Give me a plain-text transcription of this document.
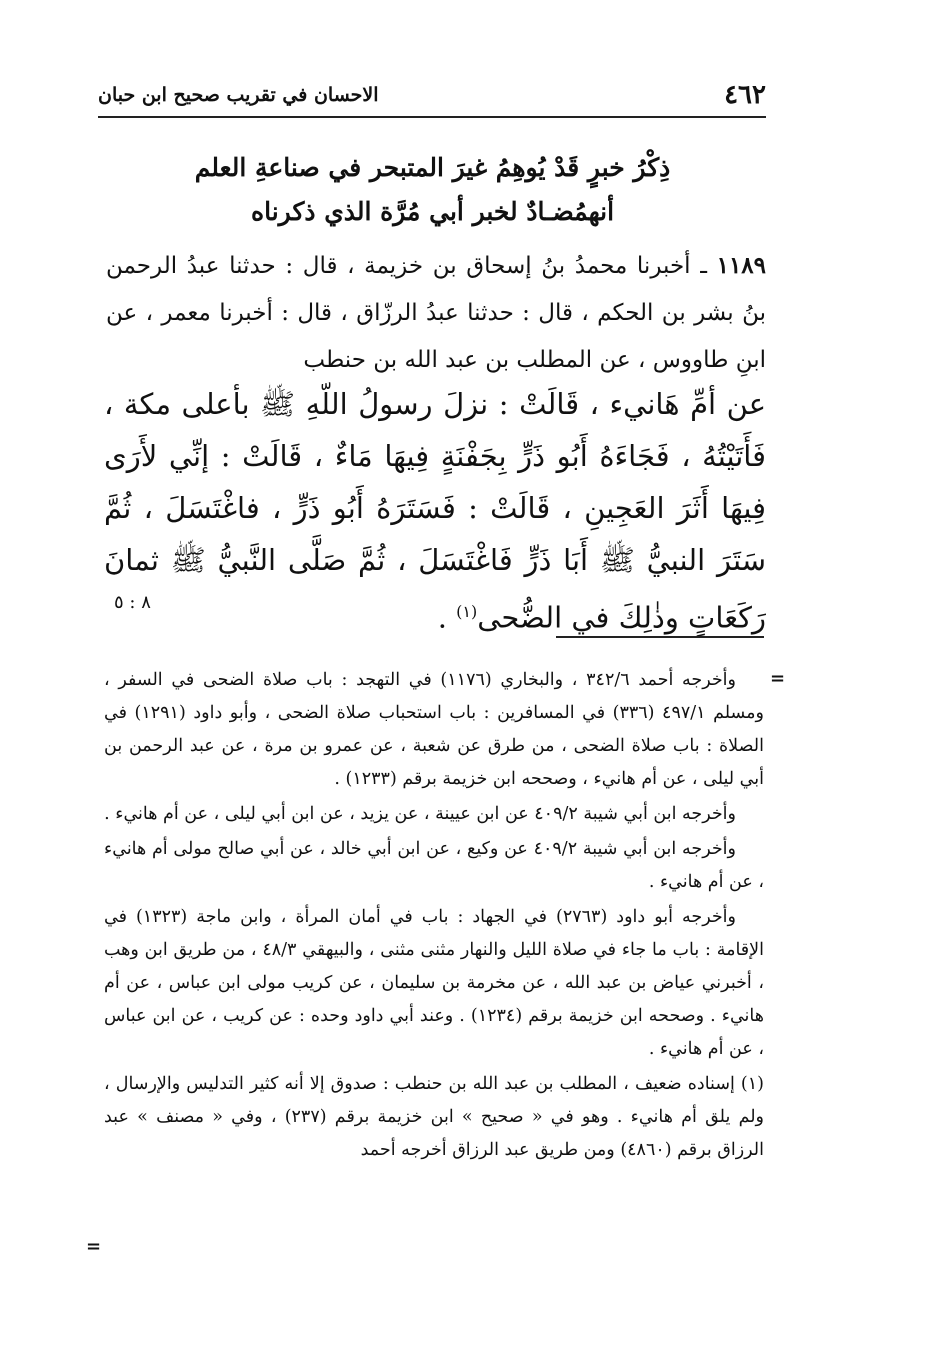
٤٦٢
الاحسان في تقريب صحيح ابن حبان
ذِكْرُ خبرٍ قَدْ يُوهِمُ غيرَ المتبحر في صناعةِ العلم
أنهمُضـادٌ لخبر أبي مُرَّة الذي ذكرناه
١١٨٩ ـ أخبرنا محمدُ بنُ إسحاق بن خزيمة ، قال : حدثنا عبدُ الرحمن بنُ بشر بن الحكم ، قال : حدثنا عبدُ الرزّاق ، قال : أخبرنا معمر ، عن ابنِ طاووس ، عن المطلب بن عبد الله بن حنطب
عن أمِّ هَانيء ، قَالَتْ : نزلَ رسولُ اللّهِ ﷺ بأعلى مكة ، فَأَتَيْتُهُ ، فَجَاءَهُ أَبُو ذَرٍّ بِجَفْنَةٍ فِيهَا مَاءٌ ، قَالَتْ : إنِّي لأَرَى فِيهَا أَثَرَ العَجِينِ ، قَالَتْ : فَسَتَرَهُ أَبُو ذَرٍّ ، فاغْتَسَلَ ، ثُمَّ سَتَرَ النبيُّ ﷺ أَبَا ذَرٍّ فَاغْتَسَلَ ، ثُمَّ صَلَّى النَّبيُّ ﷺ ثمانَ رَكَعَاتٍ وذٰلِكَ في الضُّحى$^{(١)}$ .
٨ : ٥
=

وأخرجه أحمد ٣٤٢/٦ ، والبخاري (١١٧٦) في التهجد : باب صلاة الضحى في السفر ، ومسلم ٤٩٧/١ (٣٣٦) في المسافرين : باب استحباب صلاة الضحى ، وأبو داود (١٢٩١) في الصلاة : باب صلاة الضحى ، من طرق عن شعبة ، عن عمرو بن مرة ، عن عبد الرحمن بن أبي ليلى ، عن أم هانيء ، وصححه ابن خزيمة برقم (١٢٣٣) .

وأخرجه ابن أبي شيبة ٤٠٩/٢ عن ابن عيينة ، عن يزيد ، عن ابن أبي ليلى ، عن أم هانيء .

وأخرجه ابن أبي شيبة ٤٠٩/٢ عن وكيع ، عن ابن أبي خالد ، عن أبي صالح مولى أم هانيء ، عن أم هانيء .

وأخرجه أبو داود (٢٧٦٣) في الجهاد : باب في أمان المرأة ، وابن ماجة (١٣٢٣) في الإقامة : باب ما جاء في صلاة الليل والنهار مثنى مثنى ، والبيهقي ٤٨/٣ ، من طريق ابن وهب ، أخبرني عياض بن عبد الله ، عن مخرمة بن سليمان ، عن كريب مولى ابن عباس ، عن أم هانيء . وصححه ابن خزيمة برقم (١٢٣٤) . وعند أبي داود وحده : عن كريب ، عن ابن عباس ، عن أم هانيء .

(١) إسناده ضعيف ، المطلب بن عبد الله بن حنطب : صدوق إلا أنه كثير التدليس والإرسال ، ولم يلق أم هانيء . وهو في « صحيح » ابن خزيمة برقم (٢٣٧) ، وفي « مصنف » عبد الرزاق برقم (٤٨٦٠) ومن طريق عبد الرزاق أخرجه أحمد

=
